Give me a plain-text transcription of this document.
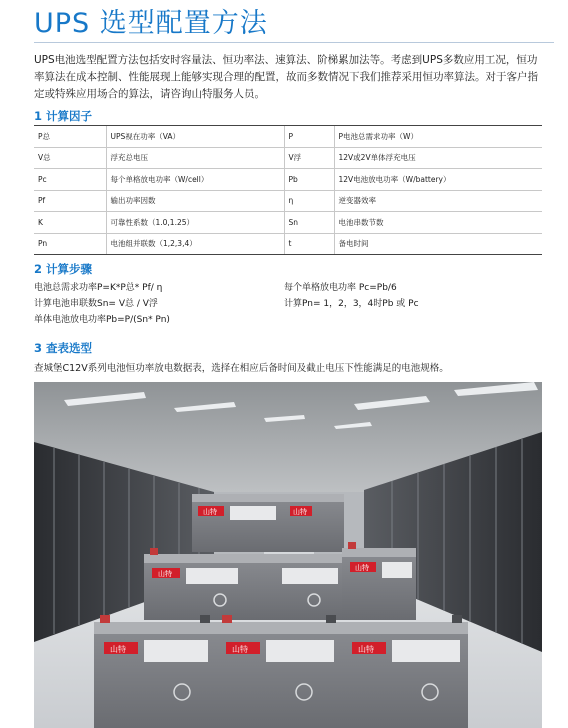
UPS 选型配置方法
UPS电池选型配置方法包括安时容量法、恒功率法、速算法、阶梯累加法等。考虑到UPS多数应用工况，恒功率算法在成本控制、性能展现上能够实现合理的配置，故而多数情况下我们推荐采用恒功率算法。对于客户指定或特殊应用场合的算法，请咨询山特服务人员。
1 计算因子
P总	UPS视在功率（VA）	P	P电池总需求功率（W）
V总	浮充总电压	V浮	12V或2V单体浮充电压
Pc	每个单格放电功率（W/cell）	Pb	12V电池放电功率（W/battery）
Pf	输出功率因数	η	逆变器效率
K	可靠性系数（1.0,1.25）	Sn	电池串数节数
Pn	电池组并联数（1,2,3,4）	t	备电时间
2 计算步骤
电池总需求功率P=K*P总* Pf/ η
计算电池串联数Sn= V总 / V浮
单体电池放电功率Pb=P/(Sn* Pn)
每个单格放电功率 Pc=Pb/6
计算Pn= 1，2，3，4时Pb 或 Pc
3 查表选型
查城堡C12V系列电池恒功率放电数据表，选择在相应后备时间及截止电压下性能满足的电池规格。
山特	山特
山特
山特
山特	山特	山特
